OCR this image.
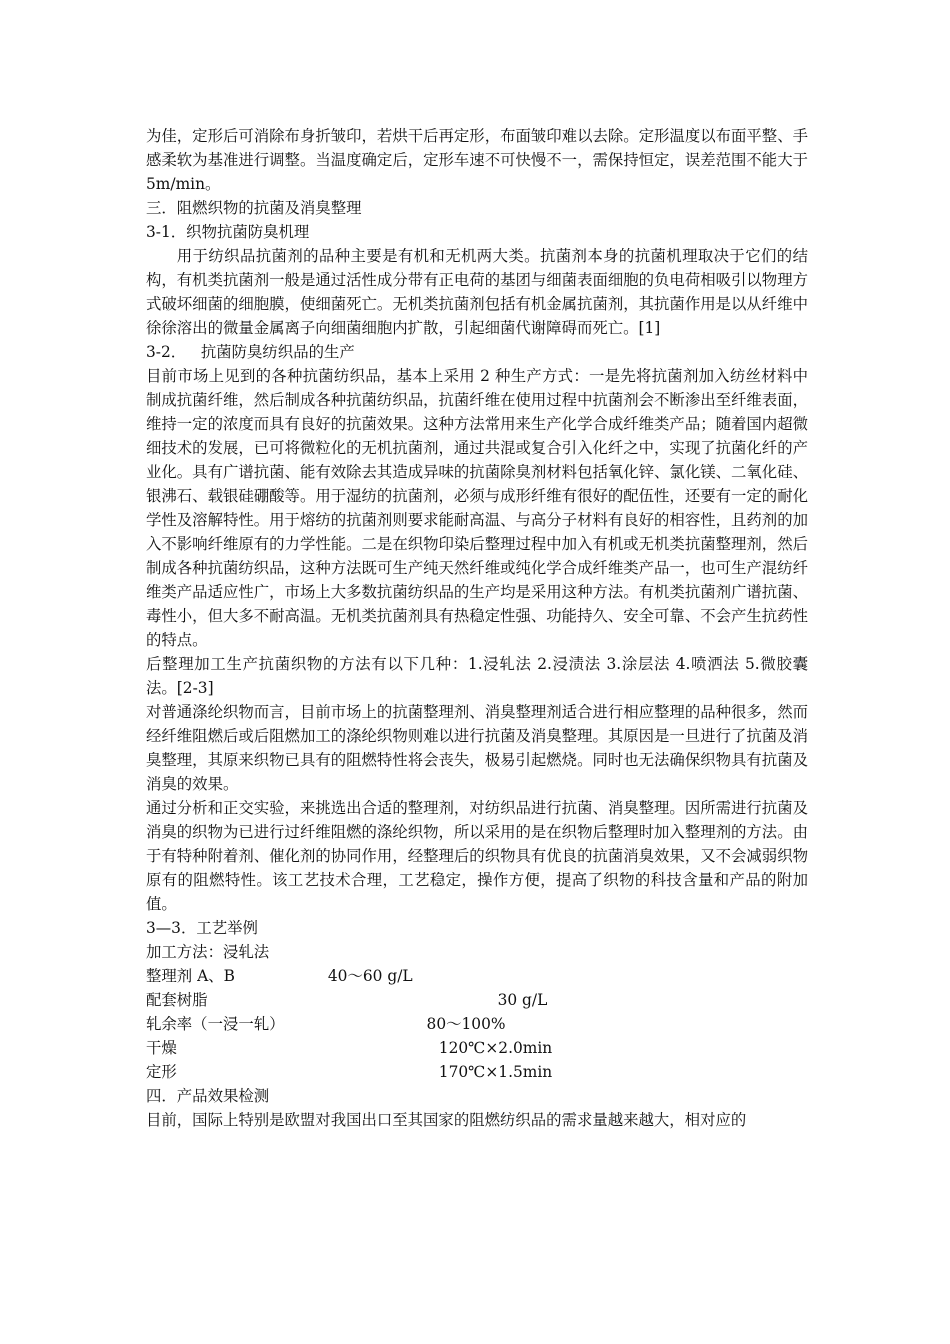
为佳，定形后可消除布身折皱印，若烘干后再定形，布面皱印难以去除。定形温度以布面平整、手感柔软为基准进行调整。当温度确定后，定形车速不可快慢不一，需保持恒定，误差范围不能大于 5m/min。

三．阻燃织物的抗菌及消臭整理

3-1．织物抗菌防臭机理

用于纺织品抗菌剂的品种主要是有机和无机两大类。抗菌剂本身的抗菌机理取决于它们的结构，有机类抗菌剂一般是通过活性成分带有正电荷的基团与细菌表面细胞的负电荷相吸引以物理方式破坏细菌的细胞膜，使细菌死亡。无机类抗菌剂包括有机金属抗菌剂，其抗菌作用是以从纤维中徐徐溶出的微量金属离子向细菌细胞内扩散，引起细菌代谢障碍而死亡。[1]

3-2．   抗菌防臭纺织品的生产

目前市场上见到的各种抗菌纺织品，基本上采用 2 种生产方式：一是先将抗菌剂加入纺丝材料中制成抗菌纤维，然后制成各种抗菌纺织品，抗菌纤维在使用过程中抗菌剂会不断渗出至纤维表面，维持一定的浓度而具有良好的抗菌效果。这种方法常用来生产化学合成纤维类产品；随着国内超微细技术的发展，已可将微粒化的无机抗菌剂，通过共混或复合引入化纤之中，实现了抗菌化纤的产业化。具有广谱抗菌、能有效除去其造成异味的抗菌除臭剂材料包括氧化锌、氯化镁、二氧化硅、银沸石、载银硅硼酸等。用于湿纺的抗菌剂，必须与成形纤维有很好的配伍性，还要有一定的耐化学性及溶解特性。用于熔纺的抗菌剂则要求能耐高温、与高分子材料有良好的相容性，且药剂的加入不影响纤维原有的力学性能。二是在织物印染后整理过程中加入有机或无机类抗菌整理剂，然后制成各种抗菌纺织品，这种方法既可生产纯天然纤维或纯化学合成纤维类产品一，也可生产混纺纤维类产品适应性广，市场上大多数抗菌纺织品的生产均是采用这种方法。有机类抗菌剂广谱抗菌、毒性小，但大多不耐高温。无机类抗菌剂具有热稳定性强、功能持久、安全可靠、不会产生抗药性的特点。

后整理加工生产抗菌织物的方法有以下几种：1.浸轧法 2.浸渍法 3.涂层法 4.喷洒法 5.微胶囊法。[2-3]

对普通涤纶织物而言，目前市场上的抗菌整理剂、消臭整理剂适合进行相应整理的品种很多，然而经纤维阻燃后或后阻燃加工的涤纶织物则难以进行抗菌及消臭整理。其原因是一旦进行了抗菌及消臭整理，其原来织物已具有的阻燃特性将会丧失，极易引起燃烧。同时也无法确保织物具有抗菌及消臭的效果。

通过分析和正交实验，来挑选出合适的整理剂，对纺织品进行抗菌、消臭整理。因所需进行抗菌及消臭的织物为已进行过纤维阻燃的涤纶织物，所以采用的是在织物后整理时加入整理剂的方法。由于有特种附着剂、催化剂的协同作用，经整理后的织物具有优良的抗菌消臭效果，又不会减弱织物原有的阻燃特性。该工艺技术合理，工艺稳定，操作方便，提高了织物的科技含量和产品的附加值。

3—3．工艺举例

加工方法：浸轧法

整理剂 A、B	40～60 g/L
配套树脂	30 g/L
轧余率（一浸一轧）	80～100%
干燥	120℃×2.0min
定形	170℃×1.5min

四．产品效果检测

目前，国际上特别是欧盟对我国出口至其国家的阻燃纺织品的需求量越来越大，相对应的
